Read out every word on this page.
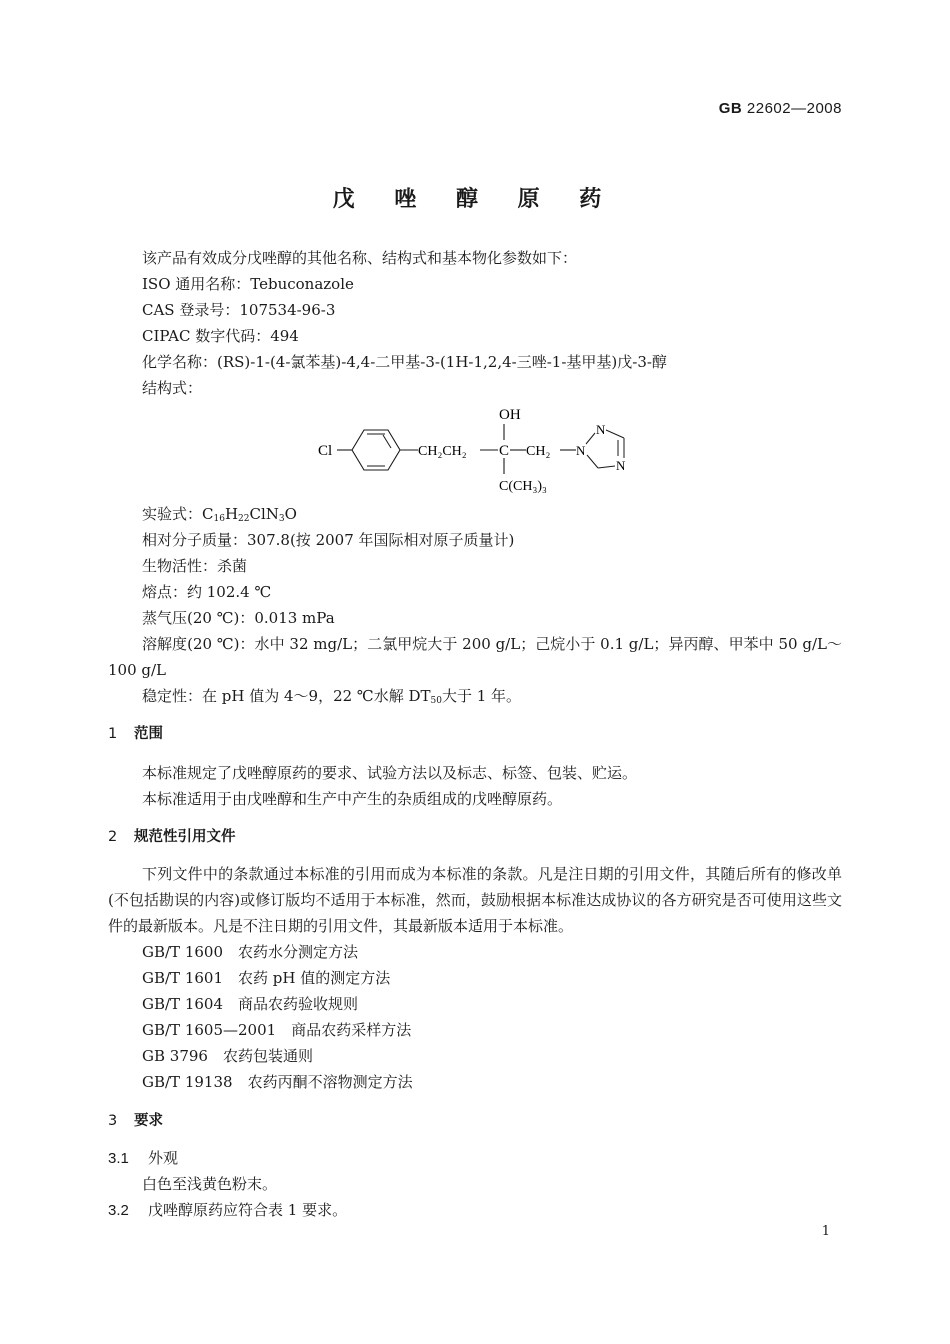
GB 22602—2008
戊 唑 醇 原 药
该产品有效成分戊唑醇的其他名称、结构式和基本物化参数如下：
ISO 通用名称：Tebuconazole
CAS 登录号：107534-96-3
CIPAC 数字代码：494
化学名称：(RS)-1-(4-氯苯基)-4,4-二甲基-3-(1H-1,2,4-三唑-1-基甲基)戊-3-醇
结构式：
Cl	CH₂CH₂ C
OH
C(CH₃)₃
CH₂ N
N
N
实验式：$C_{16}H_{22}ClN_3O$
相对分子质量：307.8(按 2007 年国际相对原子质量计)
生物活性：杀菌
熔点：约 102.4 ℃
蒸气压(20 ℃)：0.013 mPa
溶解度(20 ℃)：水中 32 mg/L；二氯甲烷大于 200 g/L；己烷小于 0.1 g/L；异丙醇、甲苯中 50 g/L～100 g/L
稳定性：在 pH 值为 4～9，22 ℃水解 $DT_{50}$大于 1 年。
1 范围
本标准规定了戊唑醇原药的要求、试验方法以及标志、标签、包装、贮运。
本标准适用于由戊唑醇和生产中产生的杂质组成的戊唑醇原药。
2 规范性引用文件
下列文件中的条款通过本标准的引用而成为本标准的条款。凡是注日期的引用文件，其随后所有的修改单(不包括勘误的内容)或修订版均不适用于本标准，然而，鼓励根据本标准达成协议的各方研究是否可使用这些文件的最新版本。凡是不注日期的引用文件，其最新版本适用于本标准。
GB/T 1600  农药水分测定方法
GB/T 1601  农药 pH 值的测定方法
GB/T 1604  商品农药验收规则
GB/T 1605—2001  商品农药采样方法
GB 3796  农药包装通则
GB/T 19138  农药丙酮不溶物测定方法
3 要求
3.1 外观
白色至浅黄色粉末。
3.2 戊唑醇原药应符合表 1 要求。
1
